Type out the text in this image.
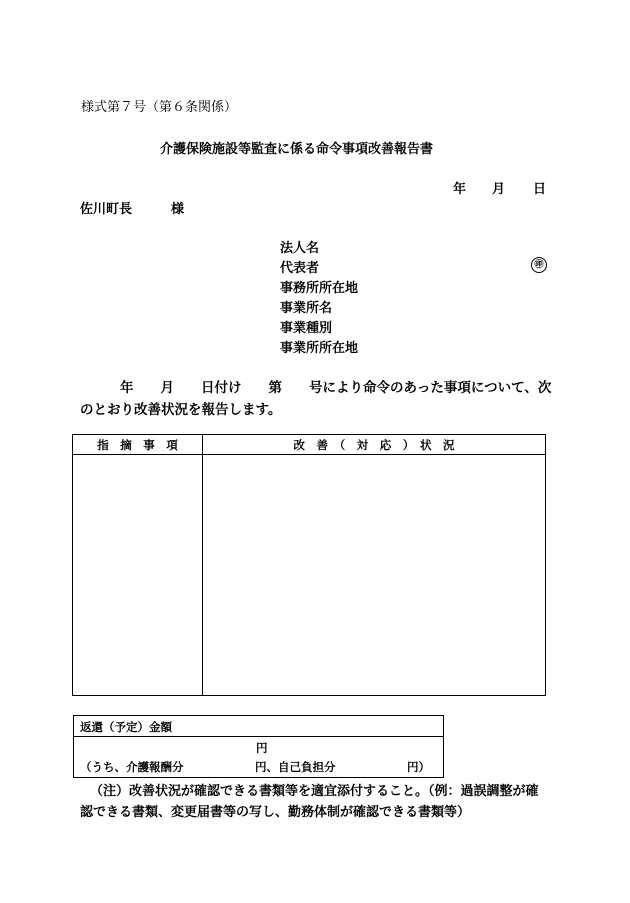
様式第７号（第６条関係）
介護保険施設等監査に係る命令事項改善報告書
年 月 日
佐川町長	様
法人名
代表者	㊞
事務所所在地
事業所名
事業種別
事業所所在地
年　　月　　日付け　　第　　号により命令のあった事項について、次
のとおり改善状況を報告します。
指　摘　事　項	改　善　（　対　応　）　状　況

返還（予定）金額
円
（うち、介護報酬分	円、自己負担分	円）
（注）改善状況が確認できる書類等を適宜添付すること。（例：過誤調整が確
認できる書類、変更届書等の写し、勤務体制が確認できる書類等）
